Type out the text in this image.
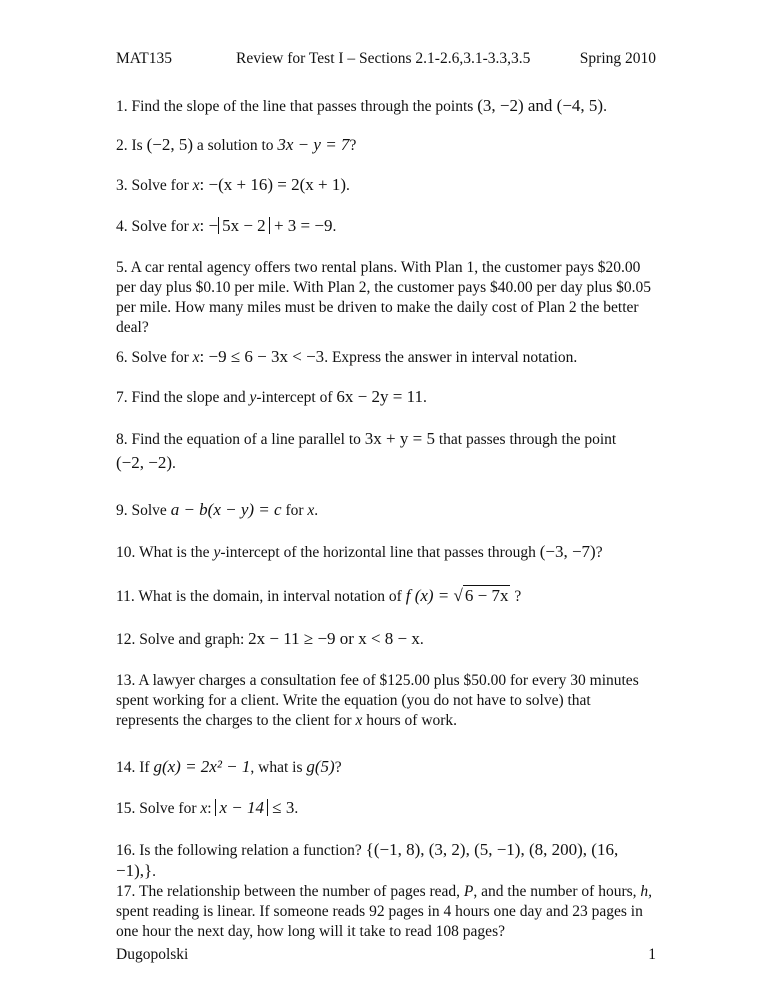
MAT135	Review for Test I – Sections 2.1-2.6,3.1-3.3,3.5	Spring 2010
1. Find the slope of the line that passes through the points (3, −2) and (−4, 5).
2. Is (−2, 5) a solution to 3x − y = 7?
3. Solve for x: −(x + 16) = 2(x + 1).
4. Solve for x: − 5x − 2 + 3 = −9.
5. A car rental agency offers two rental plans. With Plan 1, the customer pays $20.00 per day plus $0.10 per mile. With Plan 2, the customer pays $40.00 per day plus $0.05 per mile. How many miles must be driven to make the daily cost of Plan 2 the better deal?
6. Solve for x: −9 ≤ 6 − 3x < −3. Express the answer in interval notation.
7. Find the slope and y-intercept of 6x − 2y = 11.
8. Find the equation of a line parallel to 3x + y = 5 that passes through the point
(−2, −2).
9. Solve a − b(x − y) = c for x.
10. What is the y-intercept of the horizontal line that passes through (−3, −7)?
11. What is the domain, in interval notation of f (x) = √ 6 − 7x ?
12. Solve and graph: 2x − 11 ≥ −9 or x < 8 − x.
13. A lawyer charges a consultation fee of $125.00 plus $50.00 for every 30 minutes spent working for a client. Write the equation (you do not have to solve) that represents the charges to the client for x hours of work.
14. If g(x) = 2x² − 1, what is g(5)?
15. Solve for x: x − 14 ≤ 3.
16. Is the following relation a function? {(−1, 8), (3, 2), (5, −1), (8, 200), (16, −1),}.
17. The relationship between the number of pages read, P, and the number of hours, h, spent reading is linear. If someone reads 92 pages in 4 hours one day and 23 pages in one hour the next day, how long will it take to read 108 pages?
Dugopolski	1
